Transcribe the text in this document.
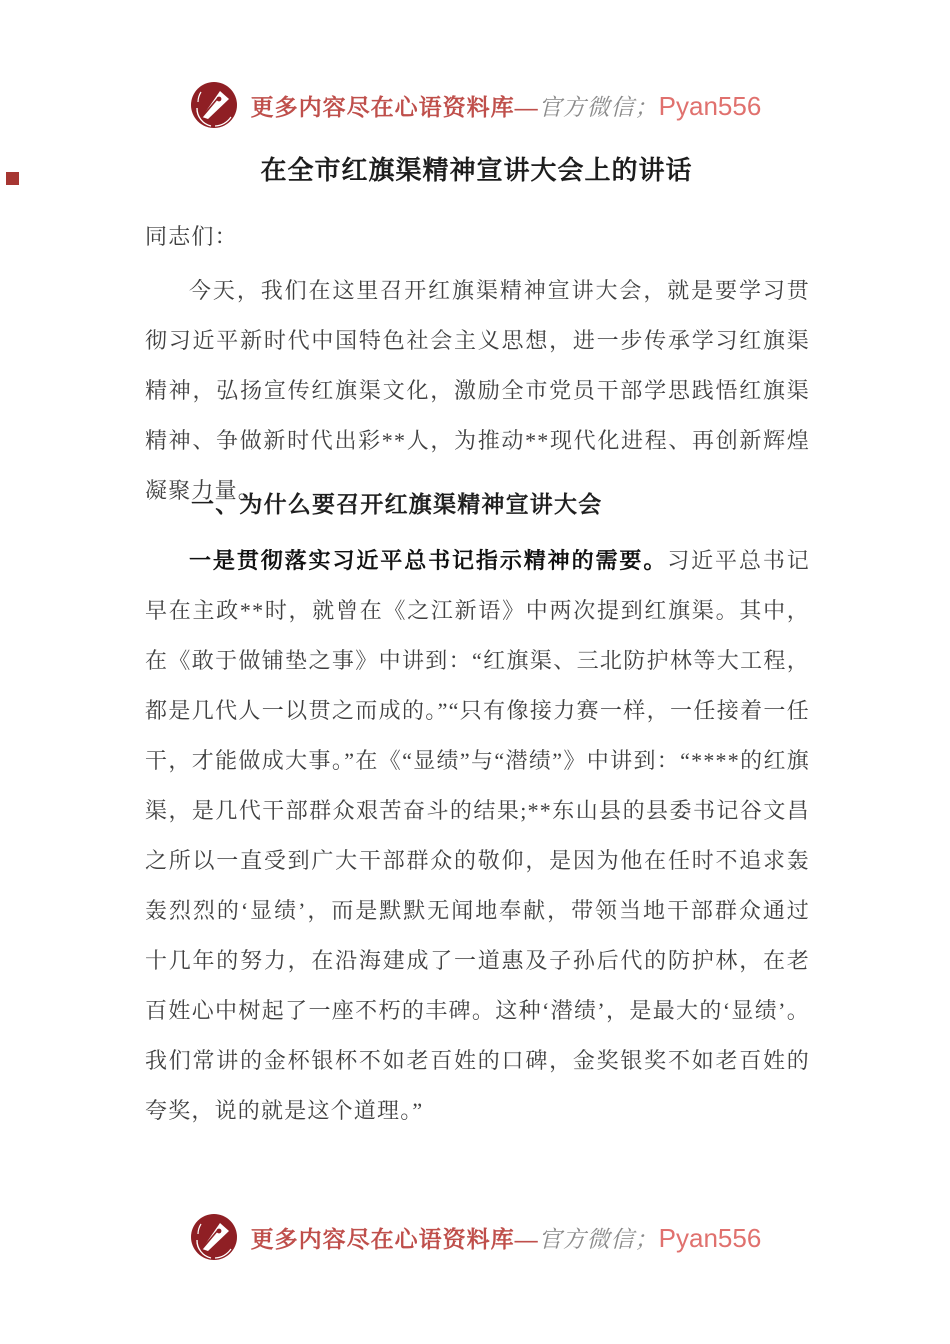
更多内容尽在心语资料库—官方微信；Pyan556
在全市红旗渠精神宣讲大会上的讲话

同志们：

今天，我们在这里召开红旗渠精神宣讲大会，就是要学习贯彻习近平新时代中国特色社会主义思想，进一步传承学习红旗渠精神，弘扬宣传红旗渠文化，激励全市党员干部学思践悟红旗渠精神、争做新时代出彩**人，为推动**现代化进程、再创新辉煌凝聚力量。

一、为什么要召开红旗渠精神宣讲大会

一是贯彻落实习近平总书记指示精神的需要。习近平总书记早在主政**时，就曾在《之江新语》中两次提到红旗渠。其中，在《敢于做铺垫之事》中讲到：“红旗渠、三北防护林等大工程，都是几代人一以贯之而成的。”“只有像接力赛一样，一任接着一任干，才能做成大事。”在《“显绩”与“潜绩”》中讲到：“****的红旗渠，是几代干部群众艰苦奋斗的结果;**东山县的县委书记谷文昌之所以一直受到广大干部群众的敬仰，是因为他在任时不追求轰轰烈烈的‘显绩’，而是默默无闻地奉献，带领当地干部群众通过十几年的努力，在沿海建成了一道惠及子孙后代的防护林，在老百姓心中树起了一座不朽的丰碑。这种‘潜绩’，是最大的‘显绩’。我们常讲的金杯银杯不如老百姓的口碑，金奖银奖不如老百姓的夸奖，说的就是这个道理。”

更多内容尽在心语资料库—官方微信；Pyan556
